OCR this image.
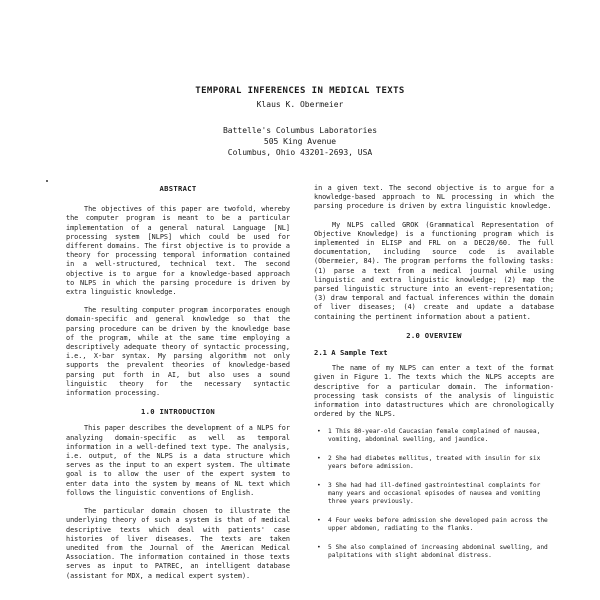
TEMPORAL INFERENCES IN MEDICAL TEXTS
Klaus K. Obermeier
Battelle's Columbus Laboratories
505 King Avenue
Columbus, Ohio 43201-2693, USA
ABSTRACT

The objectives of this paper are twofold, whereby the computer program is meant to be a particular implementation of a general natural Language [NL] processing system [NLPS] which could be used for different domains. The first objective is to provide a theory for processing temporal information contained in a well-structured, technical text. The second objective is to argue for a knowledge-based approach to NLPS in which the parsing procedure is driven by extra linguistic knowledge.

The resulting computer program incorporates enough domain-specific and general knowledge so that the parsing procedure can be driven by the knowledge base of the program, while at the same time employing a descriptively adequate theory of syntactic processing, i.e., X-bar syntax. My parsing algorithm not only supports the prevalent theories of knowledge-based parsing put forth in AI, but also uses a sound linguistic theory for the necessary syntactic information processing.

1.0 INTRODUCTION

This paper describes the development of a NLPS for analyzing domain-specific as well as temporal information in a well-defined text type. The analysis, i.e. output, of the NLPS is a data structure which serves as the input to an expert system. The ultimate goal is to allow the user of the expert system to enter data into the system by means of NL text which follows the linguistic conventions of English.

The particular domain chosen to illustrate the underlying theory of such a system is that of medical descriptive texts which deal with patients' case histories of liver diseases. The texts are taken unedited from the Journal of the American Medical Association. The information contained in those texts serves as input to PATREC, an intelligent database (assistant for MDX, a medical expert system).

in a given text. The second objective is to argue for a knowledge-based approach to NL processing in which the parsing procedure is driven by extra linguistic knowledge.

My NLPS called GROK (Grammatical Representation of Objective Knowledge) is a functioning program which is implemented in ELISP and FRL on a DEC20/60. The full documentation, including source code is available (Obermeier, 84). The program performs the following tasks: (1) parse a text from a medical journal while using linguistic and extra linguistic knowledge; (2) map the parsed linguistic structure into an event-representation; (3) draw temporal and factual inferences within the domain of liver diseases; (4) create and update a database containing the pertinent information about a patient.

2.0 OVERVIEW
2.1 A Sample Text

The name of my NLPS can enter a text of the format given in Figure 1. The texts which the NLPS accepts are descriptive for a particular domain. The information-processing task consists of the analysis of linguistic information into datastructures which are chronologically ordered by the NLPS.

• 1 This 80-year-old Caucasian female complained of nausea, vomiting, abdominal swelling, and jaundice.
• 2 She had diabetes mellitus, treated with insulin for six years before admission.
• 3 She had had ill-defined gastrointestinal complaints for many years and occasional episodes of nausea and vomiting three years previously.
• 4 Four weeks before admission she developed pain across the upper abdomen, radiating to the flanks.
• 5 She also complained of increasing abdominal swelling, and palpitations with slight abdominal distress.
